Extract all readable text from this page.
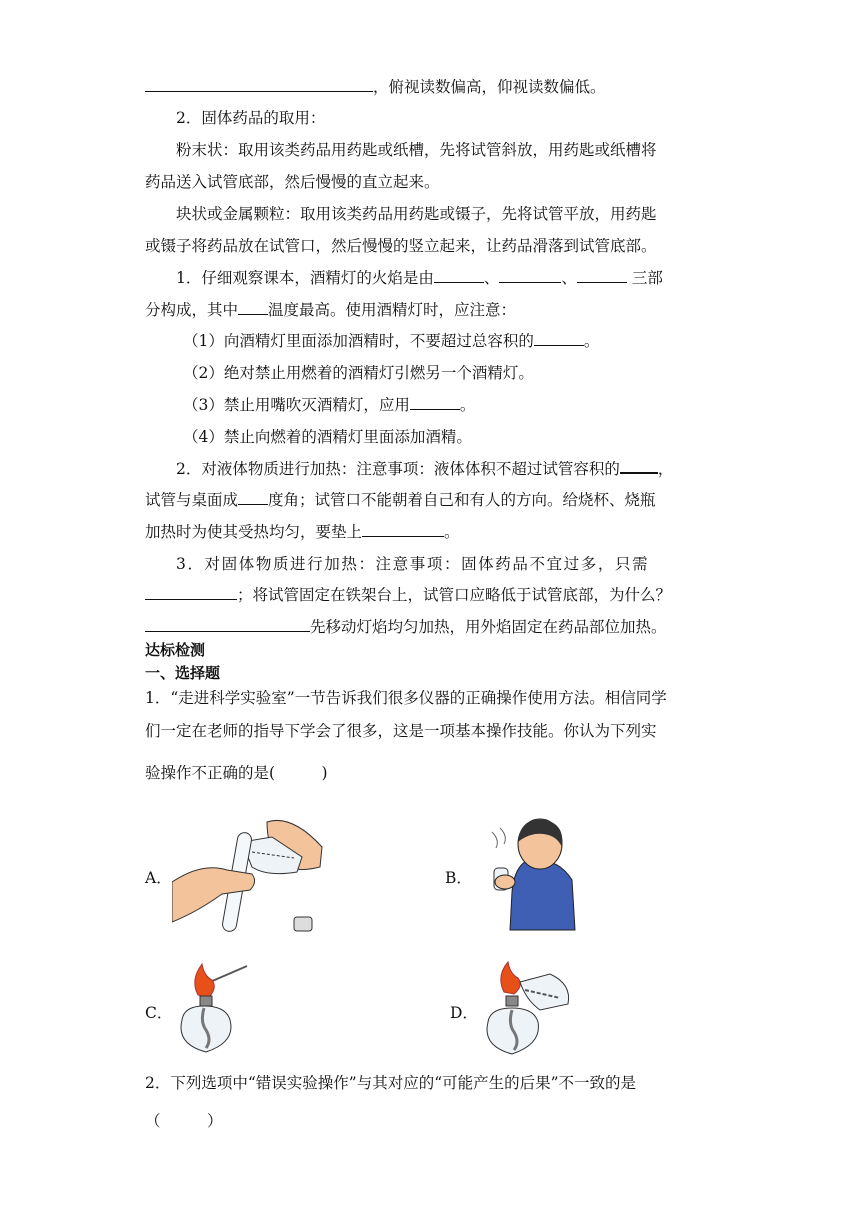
，俯视读数偏高，仰视读数偏低。
2．固体药品的取用：
粉末状：取用该类药品用药匙或纸槽，先将试管斜放，用药匙或纸槽将
药品送入试管底部，然后慢慢的直立起来。
块状或金属颗粒：取用该类药品用药匙或镊子，先将试管平放，用药匙
或镊子将药品放在试管口，然后慢慢的竖立起来，让药品滑落到试管底部。
1．仔细观察课本，酒精灯的火焰是由	、	、	三部
分构成，其中 温度最高。使用酒精灯时，应注意：
（1）向酒精灯里面添加酒精时，不要超过总容积的	。
（2）绝对禁止用燃着的酒精灯引燃另一个酒精灯。
（3）禁止用嘴吹灭酒精灯，应用	。
（4）禁止向燃着的酒精灯里面添加酒精。
2．对液体物质进行加热：注意事项：液体体积不超过试管容积的 ，
试管与桌面成 度角；试管口不能朝着自己和有人的方向。给烧杯、烧瓶
加热时为使其受热均匀，要垫上	。
3．对固体物质进行加热：注意事项：固体药品不宜过多，只需
；将试管固定在铁架台上，试管口应略低于试管底部，为什么？
先移动灯焰均匀加热，用外焰固定在药品部位加热。
达标检测
一、选择题
1．“走进科学实验室”一节告诉我们很多仪器的正确操作使用方法。相信同学
们一定在老师的指导下学会了很多，这是一项基本操作技能。你认为下列实
验操作不正确的是(　　　)
A．	B．
C．	D．
2．下列选项中“错误实验操作”与其对应的“可能产生的后果”不一致的是
（　　　）
